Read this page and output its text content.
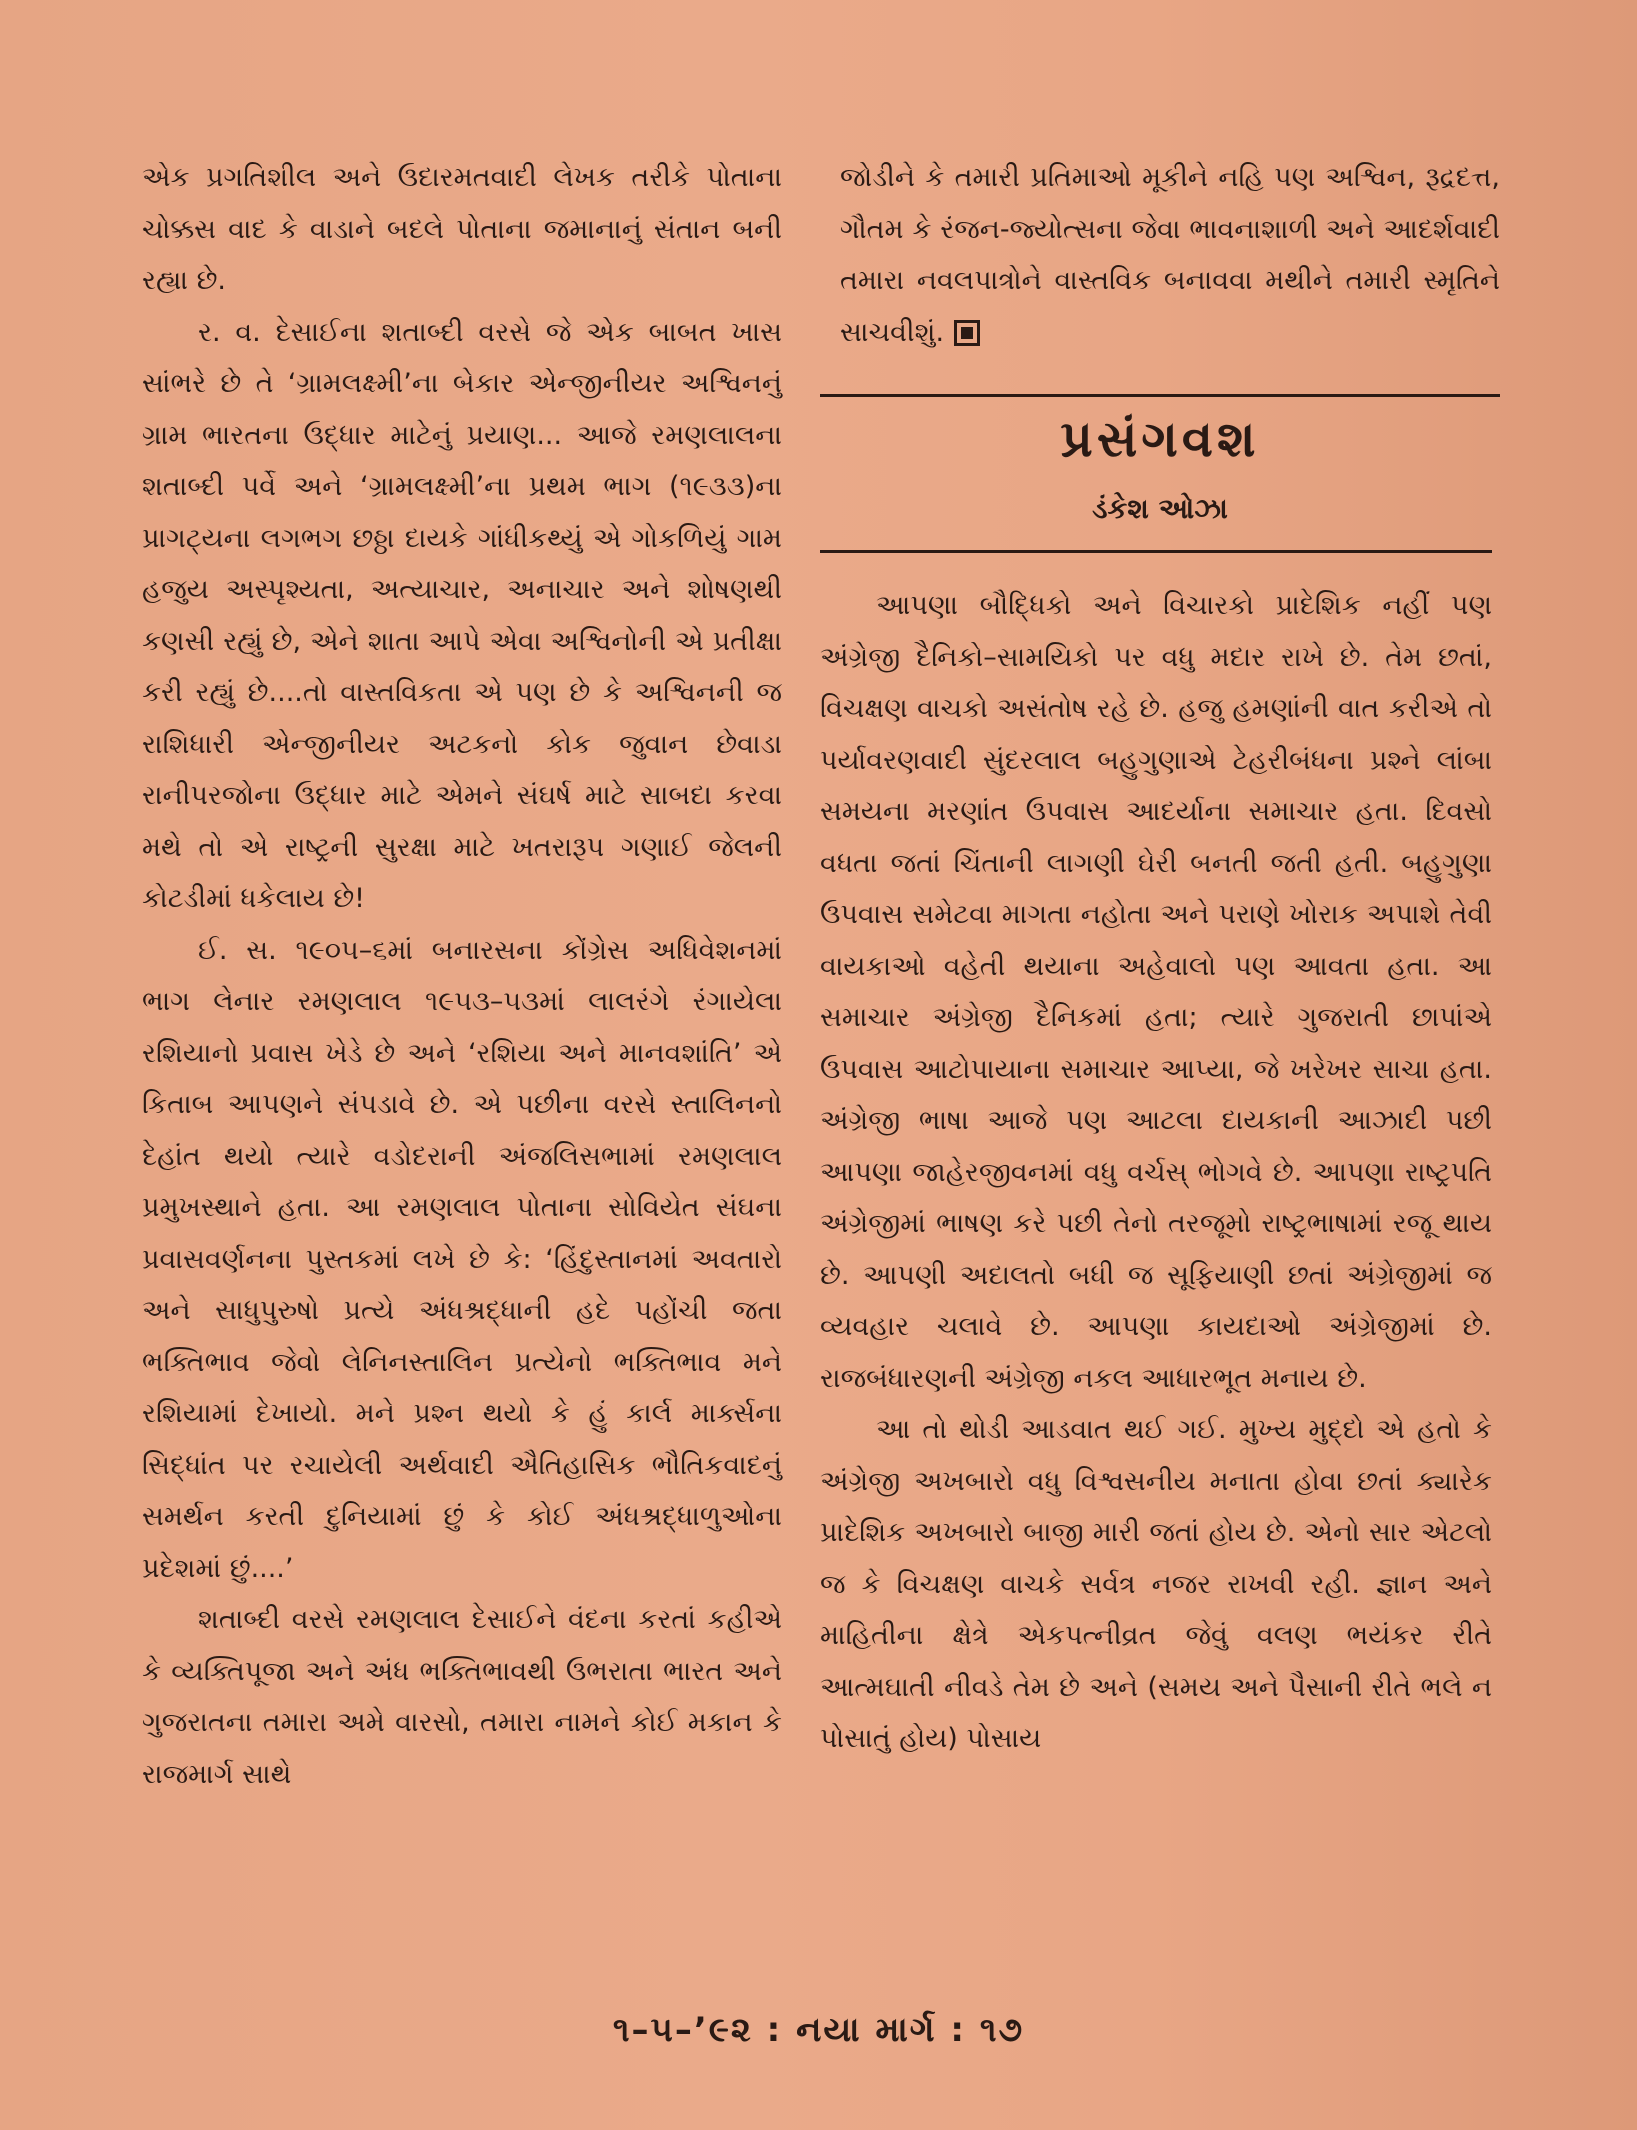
એક પ્રગતિશીલ અને ઉદારમતવાદી લેખક તરીકે પોતાના ચોક્કસ વાદ કે વાડાને બદલે પોતાના જમાનાનું સંતાન બની રહ્યા છે.

ર. વ. દેસાઈના શતાબ્દી વરસે જે એક બાબત ખાસ સાંભરે છે તે ‘ગ્રામલક્ષ્મી’ના બેકાર એન્જીનીયર અશ્વિનનું ગ્રામ ભારતના ઉદ્ધાર માટેનું પ્રયાણ... આજે રમણલાલના શતાબ્દી પર્વે અને ‘ગ્રામલક્ષ્મી’ના પ્રથમ ભાગ (૧૯૩૩)ના પ્રાગટ્યના લગભગ છઠ્ઠા દાયકે ગાંધીકથ્યું એ ગોકળિયું ગામ હજુય અસ્પૃશ્યતા, અત્યાચાર, અનાચાર અને શોષણથી કણસી રહ્યું છે, એને શાતા આપે એવા અશ્વિનોની એ પ્રતીક્ષા કરી રહ્યું છે....તો વાસ્તવિકતા એ પણ છે કે અશ્વિનની જ રાશિધારી એન્જીનીયર અટકનો કોક જુવાન છેવાડા રાનીપરજોના ઉદ્ધાર માટે એમને સંઘર્ષ માટે સાબદા કરવા મથે તો એ રાષ્ટ્રની સુરક્ષા માટે ખતરારૂપ ગણાઈ જેલની કોટડીમાં ધકેલાય છે!

ઈ. સ. ૧૯૦૫–૬માં બનારસના કોંગ્રેસ અધિવેશનમાં ભાગ લેનાર રમણલાલ ૧૯૫૩–૫૩માં લાલરંગે રંગાયેલા રશિયાનો પ્રવાસ ખેડે છે અને ‘રશિયા અને માનવશાંતિ’ એ કિતાબ આપણને સંપડાવે છે. એ પછીના વરસે સ્તાલિનનો દેહાંત થયો ત્યારે વડોદરાની અંજલિસભામાં રમણલાલ પ્રમુખસ્થાને હતા. આ રમણલાલ પોતાના સોવિયેત સંઘના પ્રવાસવર્ણનના પુસ્તકમાં લખે છે કે: ‘હિંદુસ્તાનમાં અવતારો અને સાધુપુરુષો પ્રત્યે અંધશ્રદ્ધાની હદે પહોંચી જતા ભક્તિભાવ જેવો લેનિનસ્તાલિન પ્રત્યેનો ભક્તિભાવ મને રશિયામાં દેખાયો. મને પ્રશ્ન થયો કે હું કાર્લ માર્ક્સના સિદ્ધાંત પર રચાયેલી અર્થવાદી ઐતિહાસિક ભૌતિકવાદનું સમર્થન કરતી દુનિયામાં છું કે કોઈ અંધશ્રદ્ધાળુઓના પ્રદેશમાં છું....’

શતાબ્દી વરસે રમણલાલ દેસાઈને વંદના કરતાં કહીએ કે વ્યક્તિપૂજા અને અંધ ભક્તિભાવથી ઉભરાતા ભારત અને ગુજરાતના તમારા અમે વારસો, તમારા નામને કોઈ મકાન કે રાજમાર્ગ સાથે

જોડીને કે તમારી પ્રતિમાઓ મૂકીને નહિ પણ અશ્વિન, રૂદ્રદત્ત, ગૌતમ કે રંજન-જ્યોત્સના જેવા ભાવનાશાળી અને આદર્શવાદી તમારા નવલપાત્રોને વાસ્તવિક બનાવવા મથીને તમારી સ્મૃતિને સાચવીશું.

પ્રસંગવશ
ડંકેશ ઓઝા

આપણા બૌદ્ધિકો અને વિચારકો પ્રાદેશિક નહીં પણ અંગ્રેજી દૈનિકો–સામયિકો પર વધુ મદાર રાખે છે. તેમ છતાં, વિચક્ષણ વાચકો અસંતોષ રહે છે. હજુ હમણાંની વાત કરીએ તો પર્યાવરણવાદી સુંદરલાલ બહુગુણાએ ટેહરીબંધના પ્રશ્ને લાંબા સમયના મરણાંત ઉપવાસ આદર્યાના સમાચાર હતા. દિવસો વધતા જતાં ચિંતાની લાગણી ઘેરી બનતી જતી હતી. બહુગુણા ઉપવાસ સમેટવા માગતા નહોતા અને પરાણે ખોરાક અપાશે તેવી વાયકાઓ વહેતી થયાના અહેવાલો પણ આવતા હતા. આ સમાચાર અંગ્રેજી દૈનિકમાં હતા; ત્યારે ગુજરાતી છાપાંએ ઉપવાસ આટોપાયાના સમાચાર આપ્યા, જે ખરેખર સાચા હતા. અંગ્રેજી ભાષા આજે પણ આટલા દાયકાની આઝાદી પછી આપણા જાહેરજીવનમાં વધુ વર્ચસ્ ભોગવે છે. આપણા રાષ્ટ્રપતિ અંગ્રેજીમાં ભાષણ કરે પછી તેનો તરજૂમો રાષ્ટ્રભાષામાં રજૂ થાય છે. આપણી અદાલતો બધી જ સૂફિયાણી છતાં અંગ્રેજીમાં જ વ્યવહાર ચલાવે છે. આપણા કાયદાઓ અંગ્રેજીમાં છે. રાજબંધારણની અંગ્રેજી નકલ આધારભૂત મનાય છે.

આ તો થોડી આડવાત થઈ ગઈ. મુખ્ય મુદ્દો એ હતો કે અંગ્રેજી અખબારો વધુ વિશ્વસનીય મનાતા હોવા છતાં ક્યારેક પ્રાદેશિક અખબારો બાજી મારી જતાં હોય છે. એનો સાર એટલો જ કે વિચક્ષણ વાચકે સર્વત્ર નજર રાખવી રહી. જ્ઞાન અને માહિતીના ક્ષેત્રે એકપત્નીવ્રત જેવું વલણ ભયંકર રીતે આત્મઘાતી નીવડે તેમ છે અને (સમય અને પૈસાની રીતે ભલે ન પોસાતું હોય) પોસાય

૧–૫–’૯૨ : નયા માર્ગ : ૧૭
